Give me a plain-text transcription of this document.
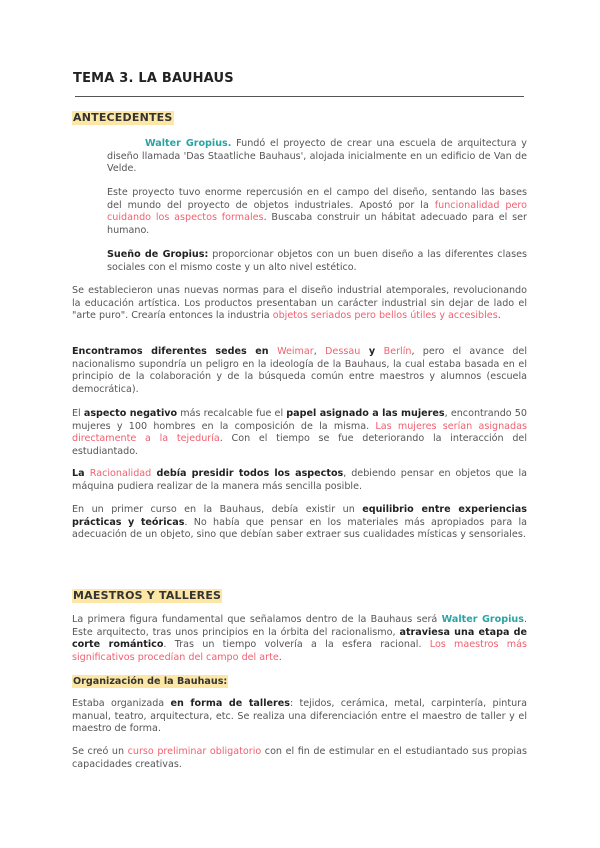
TEMA 3. LA BAUHAUS
ANTECEDENTES
Walter Gropius. Fundó el proyecto de crear una escuela de arquitectura y diseño llamada 'Das Staatliche Bauhaus', alojada inicialmente en un edificio de Van de Velde.
Este proyecto tuvo enorme repercusión en el campo del diseño, sentando las bases del mundo del proyecto de objetos industriales. Apostó por la funcionalidad pero cuidando los aspectos formales. Buscaba construir un hábitat adecuado para el ser humano.
Sueño de Gropius: proporcionar objetos con un buen diseño a las diferentes clases sociales con el mismo coste y un alto nivel estético.
Se establecieron unas nuevas normas para el diseño industrial atemporales, revolucionando la educación artística. Los productos presentaban un carácter industrial sin dejar de lado el "arte puro". Crearía entonces la industria objetos seriados pero bellos útiles y accesibles.
Encontramos diferentes sedes en Weimar, Dessau y Berlín, pero el avance del nacionalismo supondría un peligro en la ideología de la Bauhaus, la cual estaba basada en el principio de la colaboración y de la búsqueda común entre maestros y alumnos (escuela democrática).
El aspecto negativo más recalcable fue el papel asignado a las mujeres, encontrando 50 mujeres y 100 hombres en la composición de la misma. Las mujeres serían asignadas directamente a la tejeduría. Con el tiempo se fue deteriorando la interacción del estudiantado.
La Racionalidad debía presidir todos los aspectos, debiendo pensar en objetos que la máquina pudiera realizar de la manera más sencilla posible.
En un primer curso en la Bauhaus, debía existir un equilibrio entre experiencias prácticas y teóricas. No había que pensar en los materiales más apropiados para la adecuación de un objeto, sino que debían saber extraer sus cualidades místicas y sensoriales.
MAESTROS Y TALLERES
La primera figura fundamental que señalamos dentro de la Bauhaus será Walter Gropius. Este arquitecto, tras unos principios en la órbita del racionalismo, atraviesa una etapa de corte romántico. Tras un tiempo volvería a la esfera racional. Los maestros más significativos procedían del campo del arte.
Organización de la Bauhaus:
Estaba organizada en forma de talleres: tejidos, cerámica, metal, carpintería, pintura manual, teatro, arquitectura, etc. Se realiza una diferenciación entre el maestro de taller y el maestro de forma.
Se creó un curso preliminar obligatorio con el fin de estimular en el estudiantado sus propias capacidades creativas.
